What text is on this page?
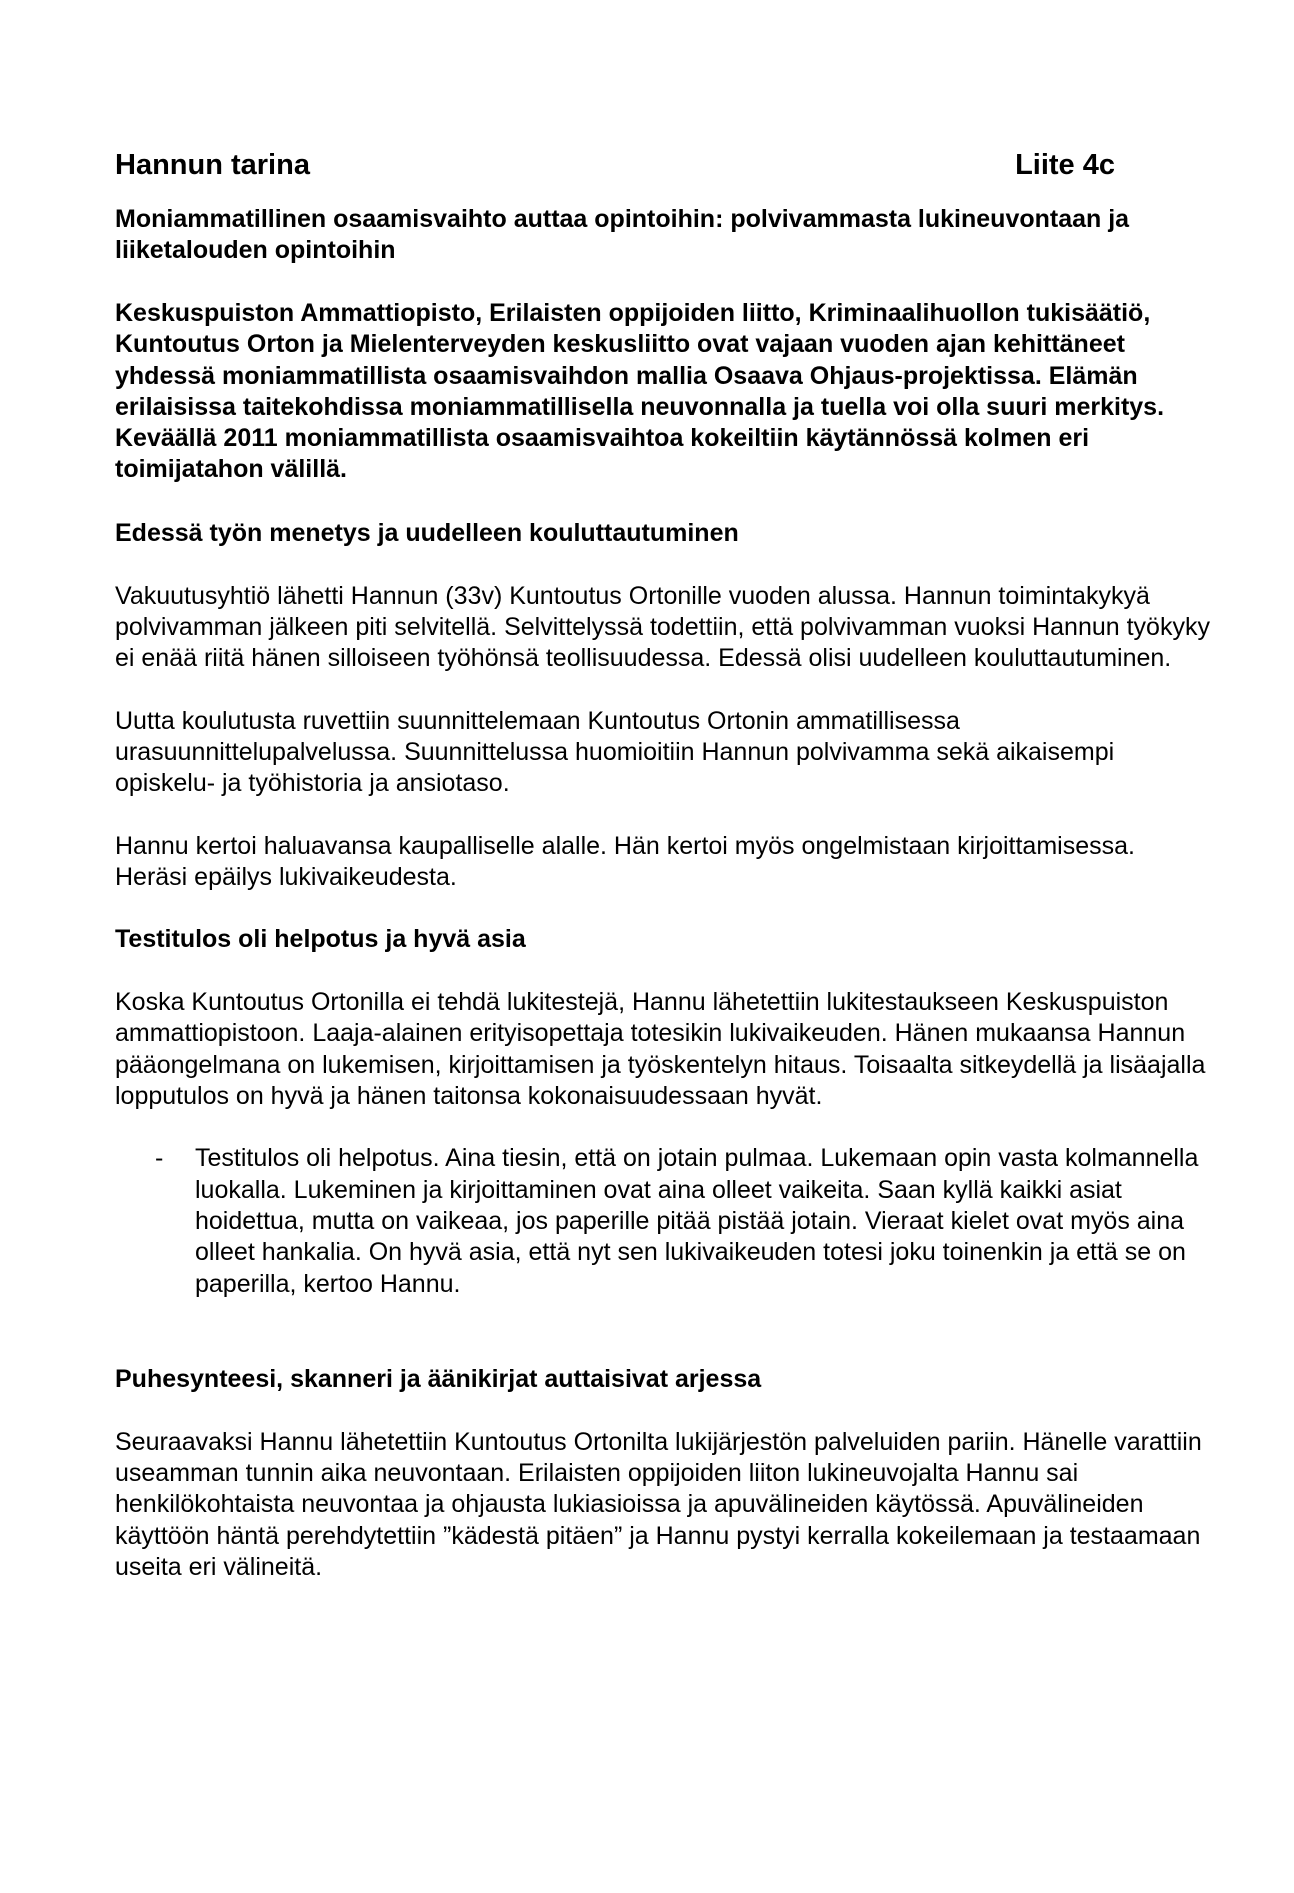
Hannun tarina	Liite 4c
Moniammatillinen osaamisvaihto auttaa opintoihin: polvivammasta lukineuvontaan ja liiketalouden opintoihin
Keskuspuiston Ammattiopisto, Erilaisten oppijoiden liitto, Kriminaalihuollon tukisäätiö, Kuntoutus Orton ja Mielenterveyden keskusliitto ovat vajaan vuoden ajan kehittäneet yhdessä moniammatillista osaamisvaihdon mallia Osaava Ohjaus-projektissa. Elämän erilaisissa taitekohdissa moniammatillisella neuvonnalla ja tuella voi olla suuri merkitys. Keväällä 2011 moniammatillista osaamisvaihtoa kokeiltiin käytännössä kolmen eri toimijatahon välillä.
Edessä työn menetys ja uudelleen kouluttautuminen

Vakuutusyhtiö lähetti Hannun (33v) Kuntoutus Ortonille vuoden alussa. Hannun toimintakykyä polvivamman jälkeen piti selvitellä. Selvittelyssä todettiin, että polvivamman vuoksi Hannun työkyky ei enää riitä hänen silloiseen työhönsä teollisuudessa. Edessä olisi uudelleen kouluttautuminen.

Uutta koulutusta ruvettiin suunnittelemaan Kuntoutus Ortonin ammatillisessa urasuunnittelupalvelussa. Suunnittelussa huomioitiin Hannun polvivamma sekä aikaisempi opiskelu- ja työhistoria ja ansiotaso.

Hannu kertoi haluavansa kaupalliselle alalle. Hän kertoi myös ongelmistaan kirjoittamisessa. Heräsi epäilys lukivaikeudesta.

Testitulos oli helpotus ja hyvä asia

Koska Kuntoutus Ortonilla ei tehdä lukitestejä, Hannu lähetettiin lukitestaukseen Keskuspuiston ammattiopistoon. Laaja-alainen erityisopettaja totesikin lukivaikeuden. Hänen mukaansa Hannun pääongelmana on lukemisen, kirjoittamisen ja työskentelyn hitaus. Toisaalta sitkeydellä ja lisäajalla lopputulos on hyvä ja hänen taitonsa kokonaisuudessaan hyvät.

-	Testitulos oli helpotus. Aina tiesin, että on jotain pulmaa. Lukemaan opin vasta kolmannella luokalla. Lukeminen ja kirjoittaminen ovat aina olleet vaikeita. Saan kyllä kaikki asiat hoidettua, mutta on vaikeaa, jos paperille pitää pistää jotain. Vieraat kielet ovat myös aina olleet hankalia. On hyvä asia, että nyt sen lukivaikeuden totesi joku toinenkin ja että se on paperilla, kertoo Hannu.
Puhesynteesi, skanneri ja äänikirjat auttaisivat arjessa

Seuraavaksi Hannu lähetettiin Kuntoutus Ortonilta lukijärjestön palveluiden pariin. Hänelle varattiin useamman tunnin aika neuvontaan. Erilaisten oppijoiden liiton lukineuvojalta Hannu sai henkilökohtaista neuvontaa ja ohjausta lukiasioissa ja apuvälineiden käytössä. Apuvälineiden käyttöön häntä perehdytettiin ”kädestä pitäen” ja Hannu pystyi kerralla kokeilemaan ja testaamaan useita eri välineitä.
